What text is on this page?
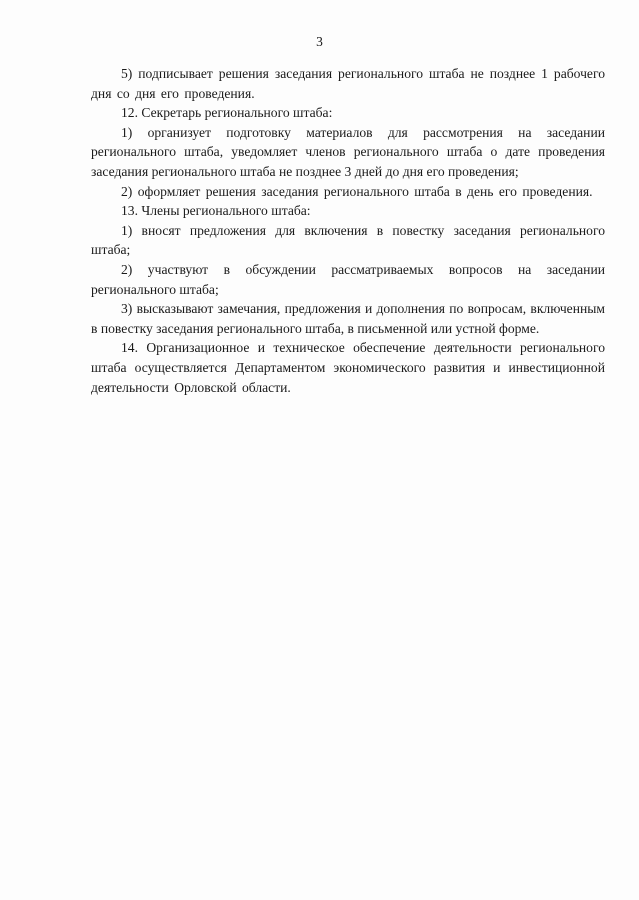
3

5) подписывает решения заседания регионального штаба не позднее 1 рабочего дня со дня его проведения.

12. Секретарь регионального штаба:

1) организует подготовку материалов для рассмотрения на заседании регионального штаба, уведомляет членов регионального штаба о дате проведения заседания регионального штаба не позднее 3 дней до дня его проведения;

2) оформляет решения заседания регионального штаба в день его проведения.

13. Члены регионального штаба:

1) вносят предложения для включения в повестку заседания регионального штаба;

2) участвуют в обсуждении рассматриваемых вопросов на заседании регионального штаба;

3) высказывают замечания, предложения и дополнения по вопросам, включенным в повестку заседания регионального штаба, в письменной или устной форме.

14. Организационное и техническое обеспечение деятельности регионального штаба осуществляется Департаментом экономического развития и инвестиционной деятельности Орловской области.
